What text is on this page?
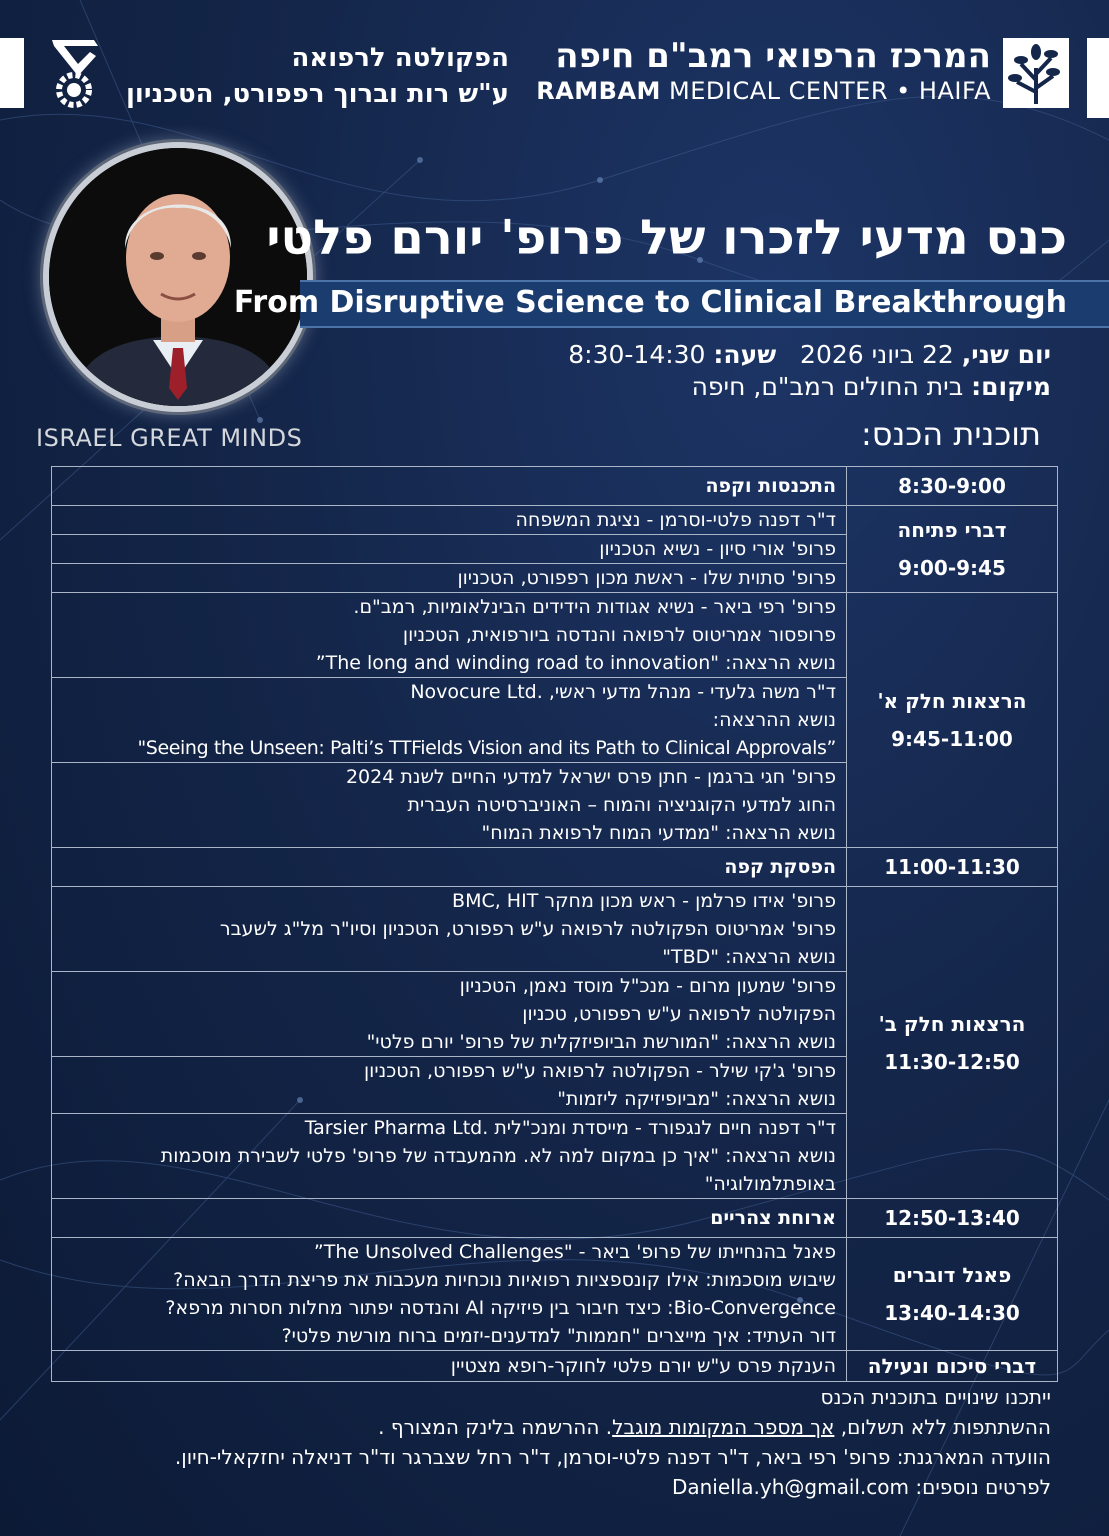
הפקולטה לרפואה
ע"ש רות וברוך רפפורט, הטכניון
המרכז הרפואי רמב"ם חיפה
RAMBAM MEDICAL CENTER • HAIFA
ISRAEL GREAT MINDS
כנס מדעי לזכרו של פרופ' יורם פלטי
From Disruptive Science to Clinical Breakthrough
יום שני, 22 ביוני 2026   שעה: 8:30-14:30
מיקום: בית החולים רמב"ם, חיפה
תוכנית הכנס:
8:30-9:00	התכנסות וקפה

דברי פתיחה
9:00-9:45	ד"ר דפנה פלטי-וסרמן - נציגת המשפחה

	פרופ' אורי סיון - נשיא הטכניון

	פרופ' סתוית שלו - ראשת מכון רפפורט, הטכניון

הרצאות חלק א'
9:45-11:00	פרופ' רפי ביאר - נשיא אגודות הידידים הבינלאומיות, רמב"ם.
פרופסור אמריטוס לרפואה והנדסה ביורפואית, הטכניון
נושא הרצאה: "The long and winding road to innovation”

	ד"ר משה גלעדי - מנהל מדעי ראשי, .Novocure Ltd
נושא ההרצאה:
"Seeing the Unseen: Palti’s TTFields Vision and its Path to Clinical Approvals”

	פרופ' חגי ברגמן - חתן פרס ישראל למדעי החיים לשנת 2024
החוג למדעי הקוגניציה והמוח – האוניברסיטה העברית
נושא הרצאה: "ממדעי המוח לרפואת המוח"

11:00-11:30	הפסקת קפה

הרצאות חלק ב'
11:30-12:50	פרופ' אידו פרלמן - ראש מכון מחקר BMC, HIT
פרופ' אמריטוס הפקולטה לרפואה ע"ש רפפורט, הטכניון וסיו"ר מל"ג לשעבר
נושא הרצאה: "TBD"

	פרופ' שמעון מרום - מנכ"ל מוסד נאמן, הטכניון
הפקולטה לרפואה ע"ש רפפורט, טכניון
נושא הרצאה: "המורשת הביופיזקלית של פרופ' יורם פלטי"

	פרופ' ג'קי שילר - הפקולטה לרפואה ע"ש רפפורט, הטכניון
נושא הרצאה: "מביופיזיקה ליזמות"

	ד"ר דפנה חיים לנגפורד - מייסדת ומנכ"לית .Tarsier Pharma Ltd
נושא הרצאה: "איך כן במקום למה לא. מהמעבדה של פרופ' פלטי לשבירת מוסכמות
באופתלמולוגיה"

12:50-13:40	ארוחת צהריים

פאנל דוברים
13:40-14:30	פאנל בהנחייתו של פרופ' ביאר - "The Unsolved Challenges”
שיבוש מוסכמות: אילו קונספציות רפואיות נוכחיות מעכבות את פריצת הדרך הבאה?
Bio-Convergence: כיצד חיבור בין פיזיקה AI והנדסה יפתור מחלות חסרות מרפא?
דור העתיד: איך מייצרים "חממות" למדענים-יזמים ברוח מורשת פלטי?

דברי סיכום ונעילה	הענקת פרס ע"ש יורם פלטי לחוקר-רופא מצטיין
ייתכנו שינויים בתוכנית הכנס
ההשתתפות ללא תשלום, אך מספר המקומות מוגבל. ההרשמה בלינק המצורף .
הוועדה המארגנת: פרופ' רפי ביאר, ד"ר דפנה פלטי-וסרמן, ד"ר רחל שצברגר וד"ר דניאלה יחזקאלי-חיון.
לפרטים נוספים: Daniella.yh@gmail.com
